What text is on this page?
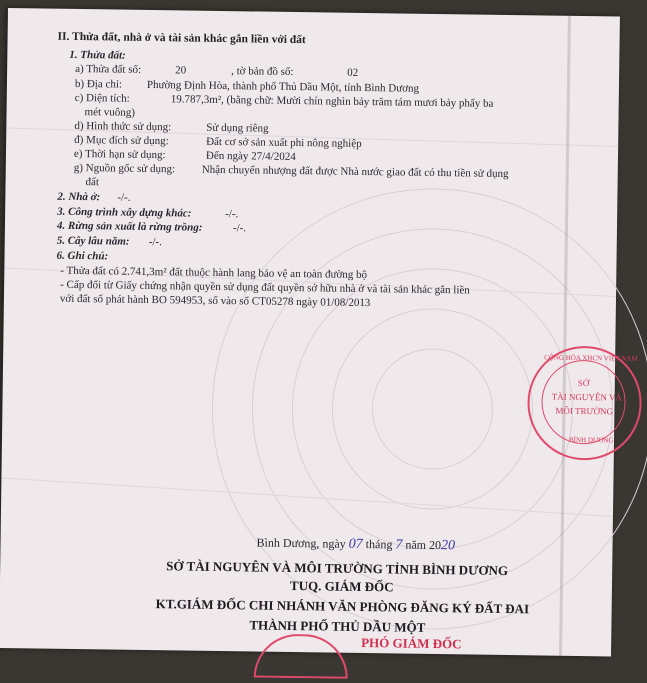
II. Thửa đất, nhà ở và tài sản khác gắn liền với đất
1. Thửa đất:
a) Thửa đất số:	20	, tờ bản đồ số:	02
b) Địa chỉ: Phường Định Hòa, thành phố Thủ Dầu Một, tỉnh Bình Dương
c) Diện tích:	19.787,3m², (bằng chữ: Mười chín nghìn bảy trăm tám mươi bảy phẩy ba
mét vuông)
d) Hình thức sử dụng:	Sử dụng riêng
đ) Mục đích sử dụng:	Đất cơ sở sản xuất phi nông nghiệp
e) Thời hạn sử dụng:	Đến ngày 27/4/2024
g) Nguồn gốc sử dụng: Nhận chuyển nhượng đất được Nhà nước giao đất có thu tiền sử dụng
đất
2. Nhà ở: -/-.
3. Công trình xây dựng khác:	-/-.
4. Rừng sản xuất là rừng trồng:	-/-.
5. Cây lâu năm: -/-.
6. Ghi chú:
- Thửa đất có 2.741,3m² đất thuộc hành lang bảo vệ an toàn đường bộ
- Cấp đổi từ Giấy chứng nhận quyền sử dụng đất quyền sở hữu nhà ở và tài sản khác gắn liền
với đất số phát hành BO 594953, số vào sổ CT05278 ngày 01/08/2013
CỘNG HÒA XHCN VIỆT NAM
SỞ
TÀI NGUYÊN VÀ
MÔI TRƯỜNG
BÌNH DƯƠNG
Bình Dương, ngày 07 tháng 7 năm 2020
SỞ TÀI NGUYÊN VÀ MÔI TRƯỜNG TỈNH BÌNH DƯƠNG
TUQ. GIÁM ĐỐC
KT.GIÁM ĐỐC CHI NHÁNH VĂN PHÒNG ĐĂNG KÝ ĐẤT ĐAI
THÀNH PHỐ THỦ DẦU MỘT
PHÓ GIÁM ĐỐC
